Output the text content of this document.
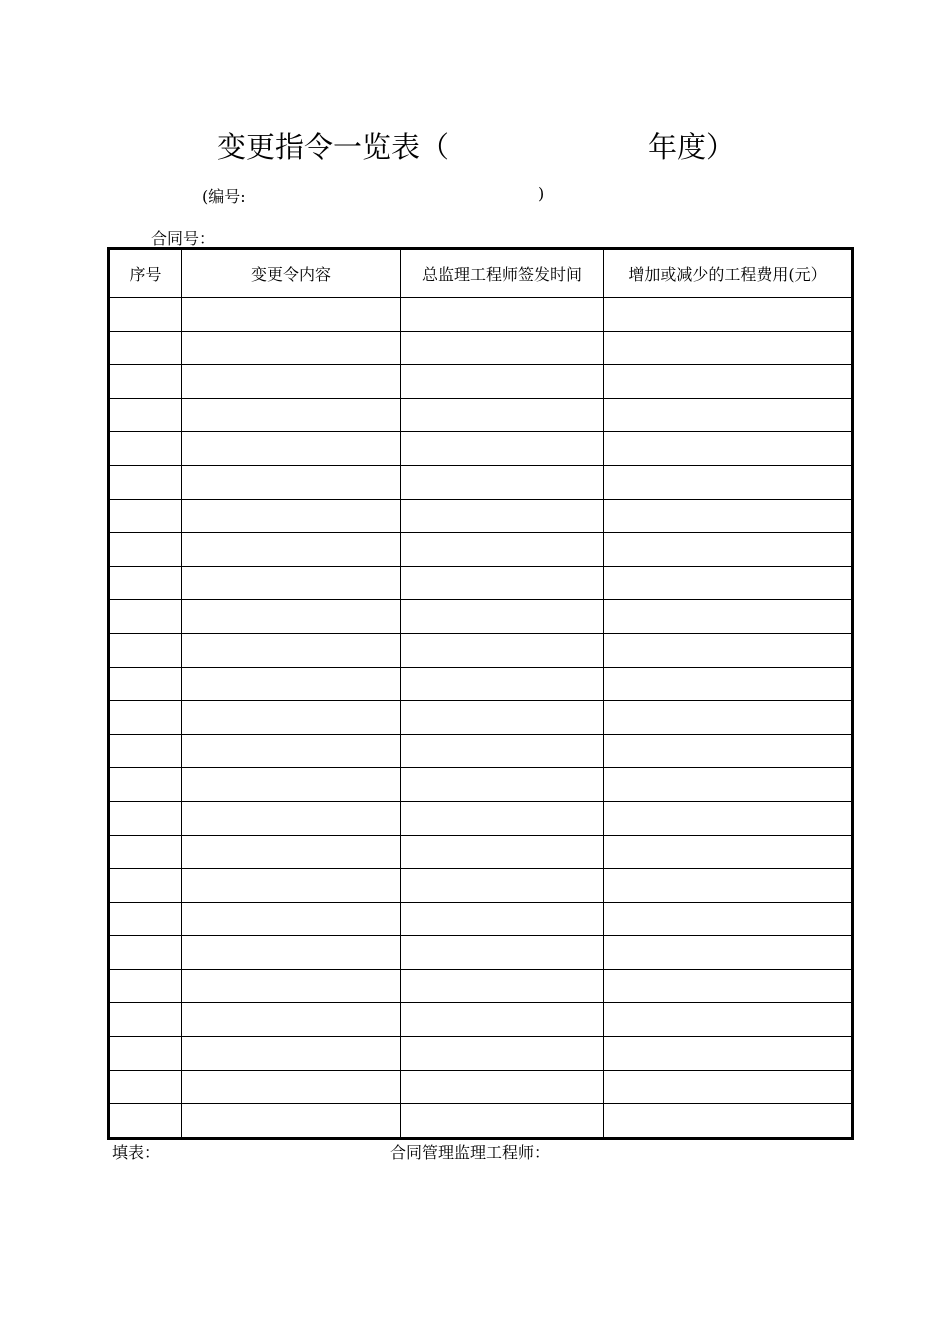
变更指令一览表（	年度）
(编号:	)
合同号：
序号	变更令内容	总监理工程师签发时间	增加或减少的工程费用(元）

填表：	合同管理监理工程师：
